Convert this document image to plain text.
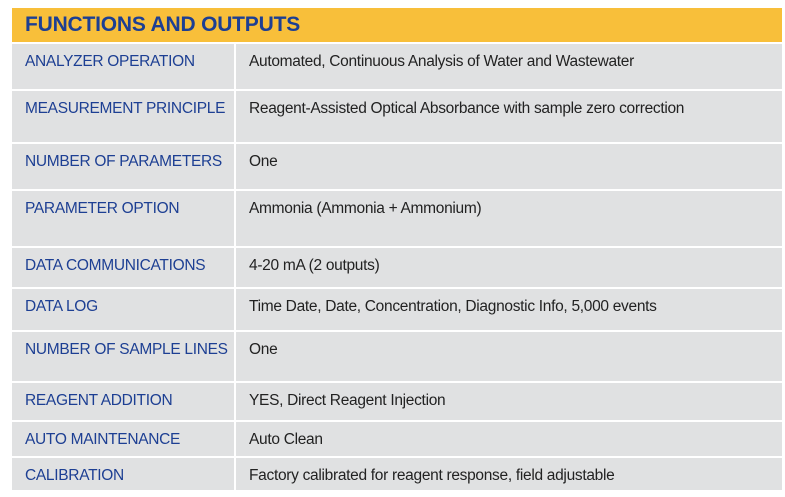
FUNCTIONS AND OUTPUTS
ANALYZER OPERATION	Automated, Continuous Analysis of Water and Wastewater
MEASUREMENT PRINCIPLE	Reagent-Assisted Optical Absorbance with sample zero correction
NUMBER OF PARAMETERS	One
PARAMETER OPTION	Ammonia (Ammonia + Ammonium)
DATA COMMUNICATIONS	4-20 mA (2 outputs)
DATA LOG	Time Date, Date, Concentration, Diagnostic Info, 5,000 events
NUMBER OF SAMPLE LINES	One
REAGENT ADDITION	YES, Direct Reagent Injection
AUTO MAINTENANCE	Auto Clean
CALIBRATION	Factory calibrated for reagent response, field adjustable
